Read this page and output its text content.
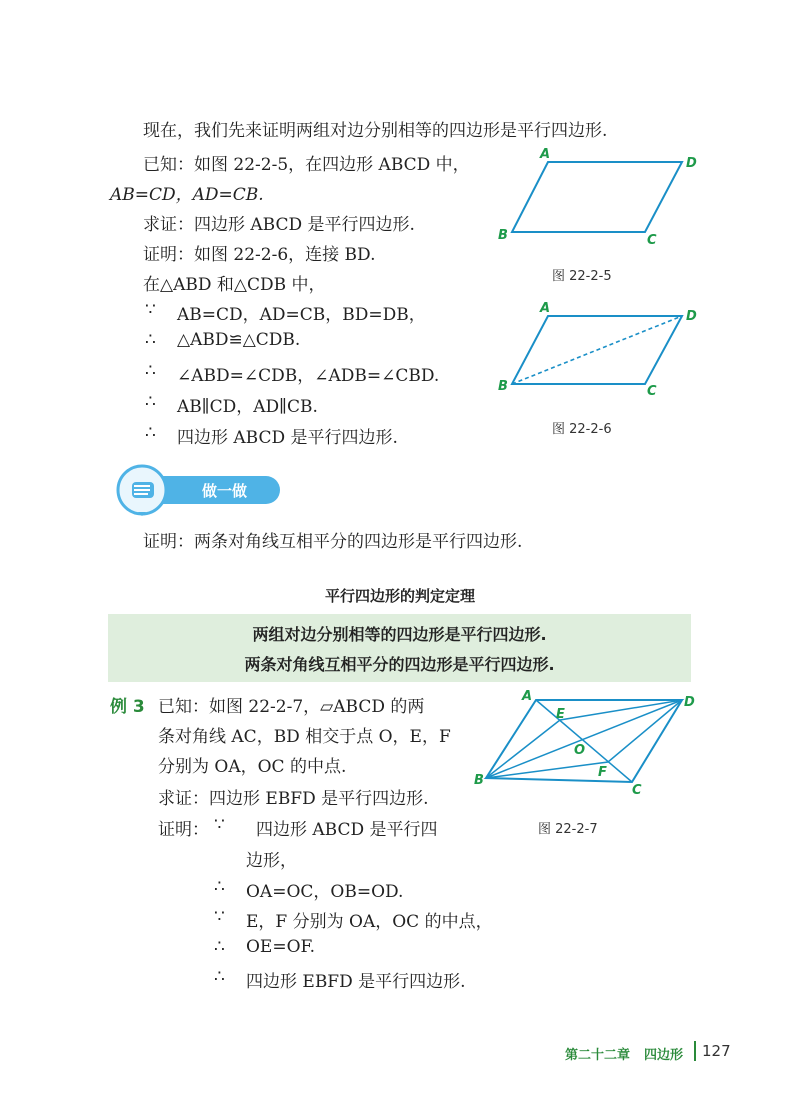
现在，我们先来证明两组对边分别相等的四边形是平行四边形.
已知：如图 22-2-5，在四边形 ABCD 中，
AB=CD，AD=CB.
求证：四边形 ABCD 是平行四边形.
证明：如图 22-2-6，连接 BD.
在△ABD 和△CDB 中，
∵ AB=CD，AD=CB，BD=DB，
∴ △ABD≌△CDB.
∴ ∠ABD=∠CDB，∠ADB=∠CBD.
∴ AB∥CD，AD∥CB.
∴ 四边形 ABCD 是平行四边形.
A
D
B	C
图 22-2-5
A
D
B	C
图 22-2-6
做一做
证明：两条对角线互相平分的四边形是平行四边形.
平行四边形的判定定理
两组对边分别相等的四边形是平行四边形.
两条对角线互相平分的四边形是平行四边形.
例 3 已知：如图 22-2-7，▱ABCD 的两
条对角线 AC，BD 相交于点 O，E，F
分别为 OA，OC 的中点.
求证：四边形 EBFD 是平行四边形.
证明： ∵ 四边形 ABCD 是平行四
边形，
∴ OA=OC，OB=OD.
∵ E，F 分别为 OA，OC 的中点，
∴ OE=OF.
∴ 四边形 EBFD 是平行四边形.
A	D
B
C
E
F
O
图 22-2-7
第二十二章 四边形 127
